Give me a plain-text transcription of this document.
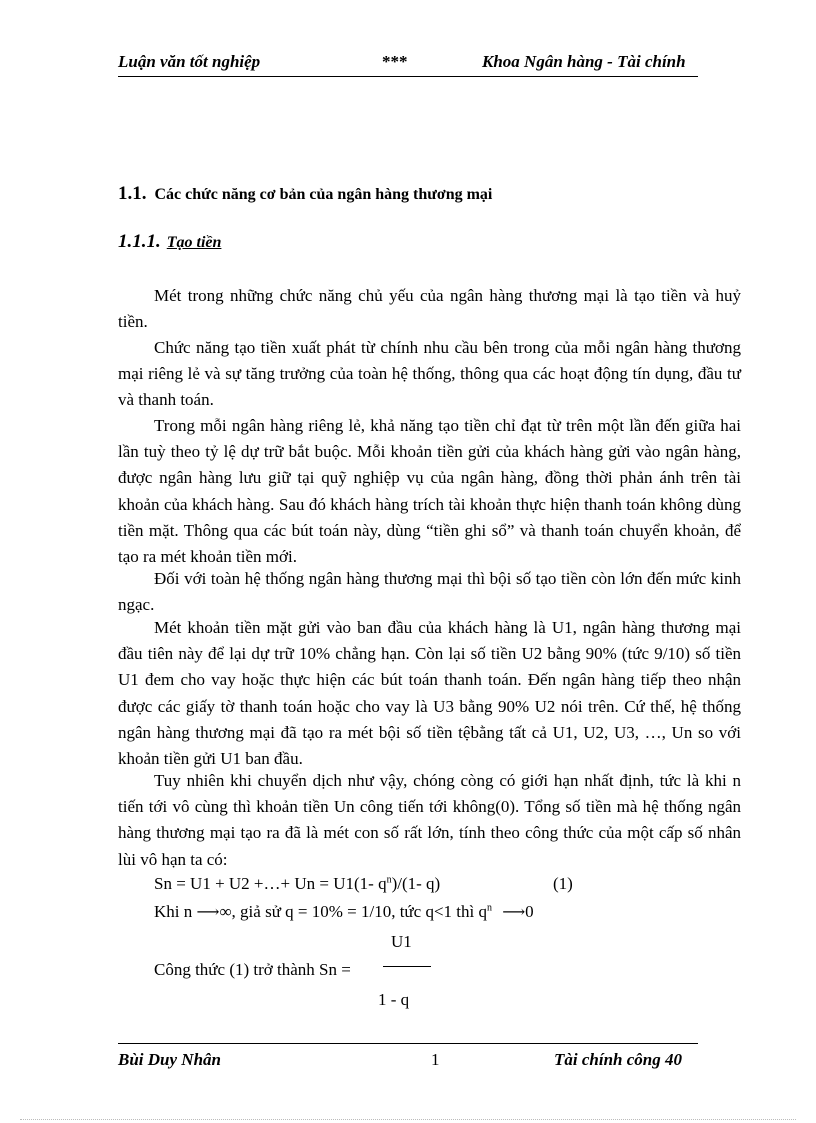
Luận văn tốt nghiệp	***	Khoa Ngân hàng - Tài chính
1.1. Các chức năng cơ bản của ngân hàng thương mại
1.1.1. Tạo tiền
Mét trong những chức năng chủ yếu của ngân hàng thương mại là tạo tiền và huỷ tiền.
Chức năng tạo tiền xuất phát từ chính nhu cầu bên trong của mỗi ngân hàng thương mại riêng lẻ và sự tăng trưởng của toàn hệ thống, thông qua các hoạt động tín dụng, đầu tư và thanh toán.
Trong mỗi ngân hàng riêng lẻ, khả năng tạo tiền chỉ đạt từ trên một lần đến giữa hai lần tuỳ theo tỷ lệ dự trữ bắt buộc. Mỗi khoản tiền gửi của khách hàng gửi vào ngân hàng, được ngân hàng lưu giữ tại quỹ nghiệp vụ của ngân hàng, đồng thời phản ánh trên tài khoản của khách hàng. Sau đó khách hàng trích tài khoản thực hiện thanh toán không dùng tiền mặt. Thông qua các bút toán này, dùng “tiền ghi sổ” và thanh toán chuyển khoản, để tạo ra mét khoản tiền mới.
Đối với toàn hệ thống ngân hàng thương mại thì bội số tạo tiền còn lớn đến mức kinh ngạc.
Mét khoản tiền mặt gửi vào ban đầu của khách hàng là U1, ngân hàng thương mại đầu tiên này để lại dự trữ 10% chẳng hạn. Còn lại số tiền U2 bằng 90% (tức 9/10) số tiền U1 đem cho vay hoặc thực hiện các bút toán thanh toán. Đến ngân hàng tiếp theo nhận được các giấy tờ thanh toán hoặc cho vay là U3 bằng 90% U2 nói trên. Cứ thế, hệ thống ngân hàng thương mại đã tạo ra mét bội số tiền tệbằng tất cả U1, U2, U3, …, Un so với khoản tiền gửi U1 ban đầu.
Tuy nhiên khi chuyển dịch như vậy, chóng còng có giới hạn nhất định, tức là khi n tiến tới vô cùng thì khoản tiền Un công tiến tới không(0). Tổng số tiền mà hệ thống ngân hàng thương mại tạo ra đã là mét con số rất lớn, tính theo công thức của một cấp số nhân lùi vô hạn ta có:
Sn = U1 + U2 +…+ Un = U1(1- $q^n)/(1-$ q)	(1)
Khi n ⟶∞, giả sử q = 10% = 1/10, tức q<1 thì $q^n$ ⟶0
U1
Công thức (1) trở thành Sn =
1 - q
Bùi Duy Nhân	1	Tài chính công 40
